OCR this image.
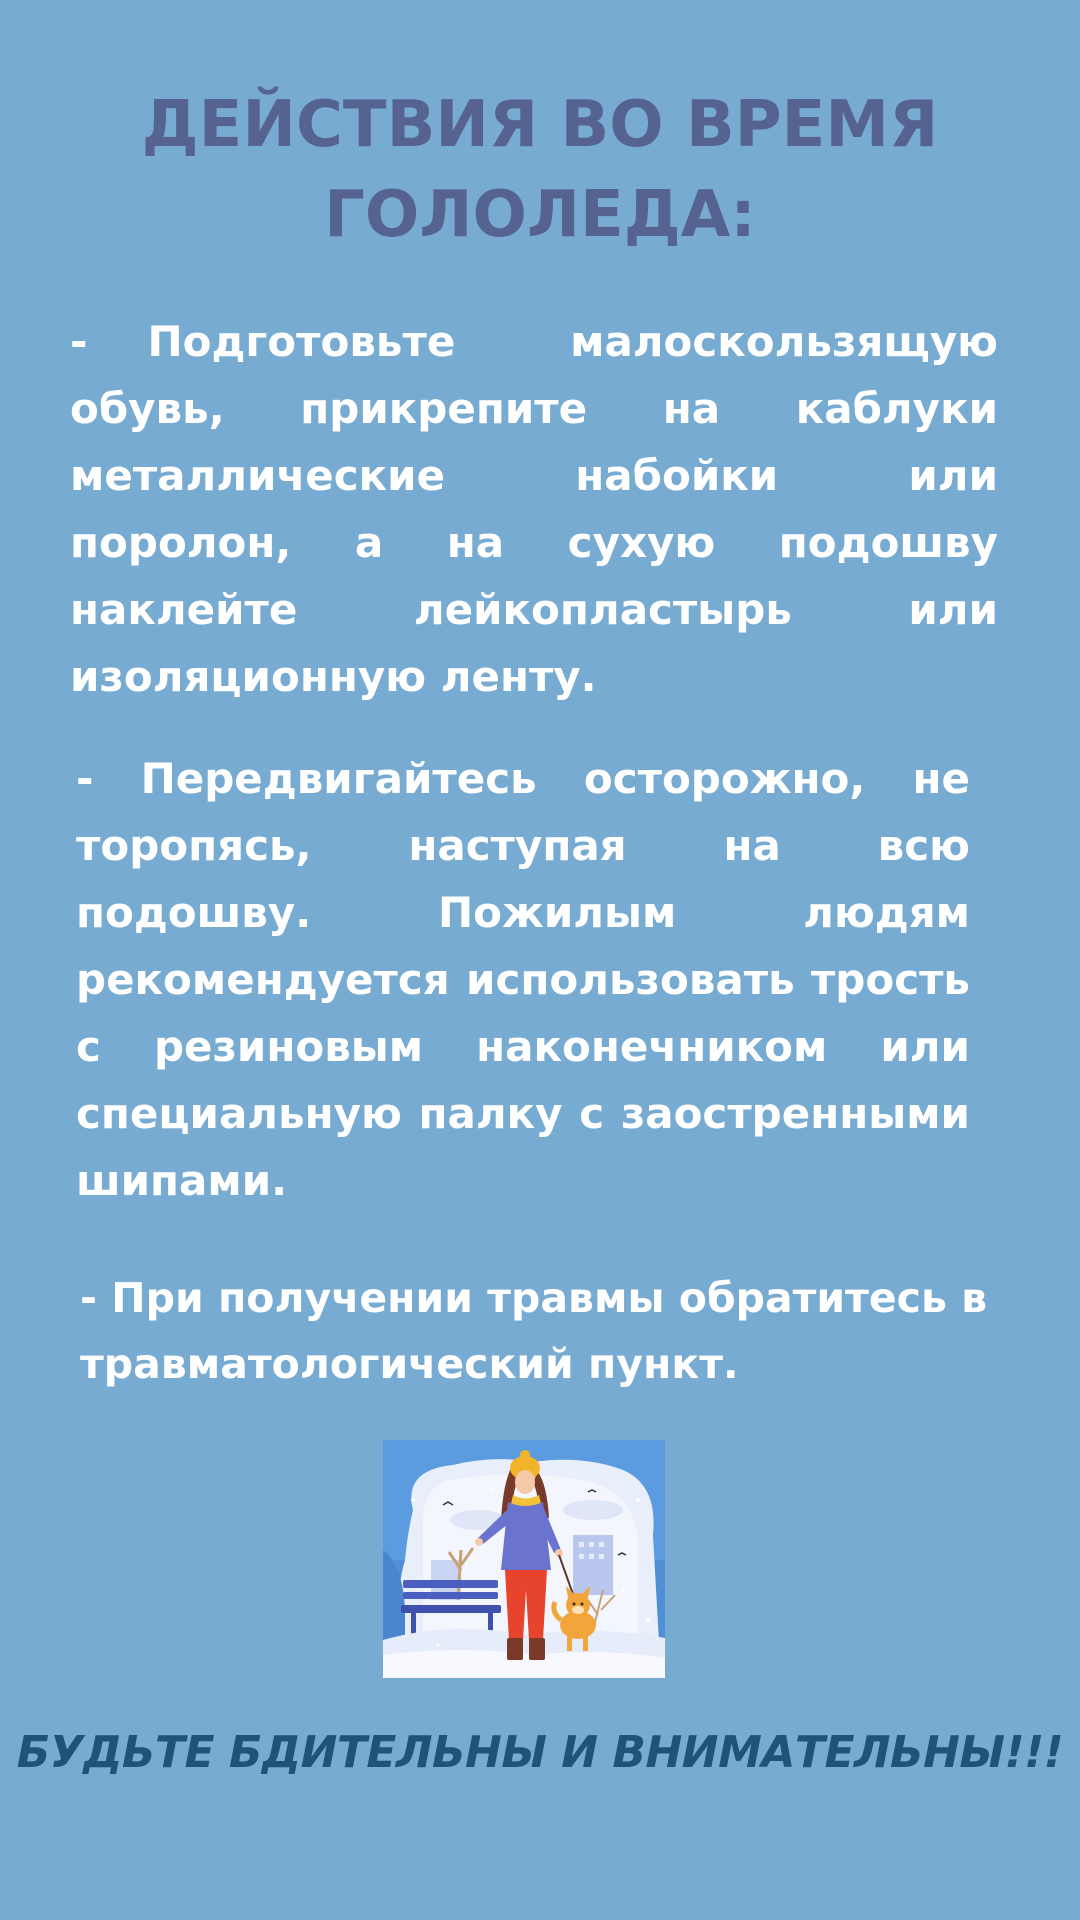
ДЕЙСТВИЯ ВО ВРЕМЯ
ГОЛОЛЕДА:

- Подготовьте малоскользящую обувь, прикрепите на каблуки металлические набойки или поролон, а на сухую подошву наклейте лейкопластырь или изоляционную ленту.

- Передвигайтесь осторожно, не торопясь, наступая на всю подошву. Пожилым людям рекомендуется использовать трость с резиновым наконечником или специальную палку с заостренными шипами.

- При получении травмы обратитесь в травматологический пункт.

БУДЬТЕ БДИТЕЛЬНЫ И ВНИМАТЕЛЬНЫ!!!
